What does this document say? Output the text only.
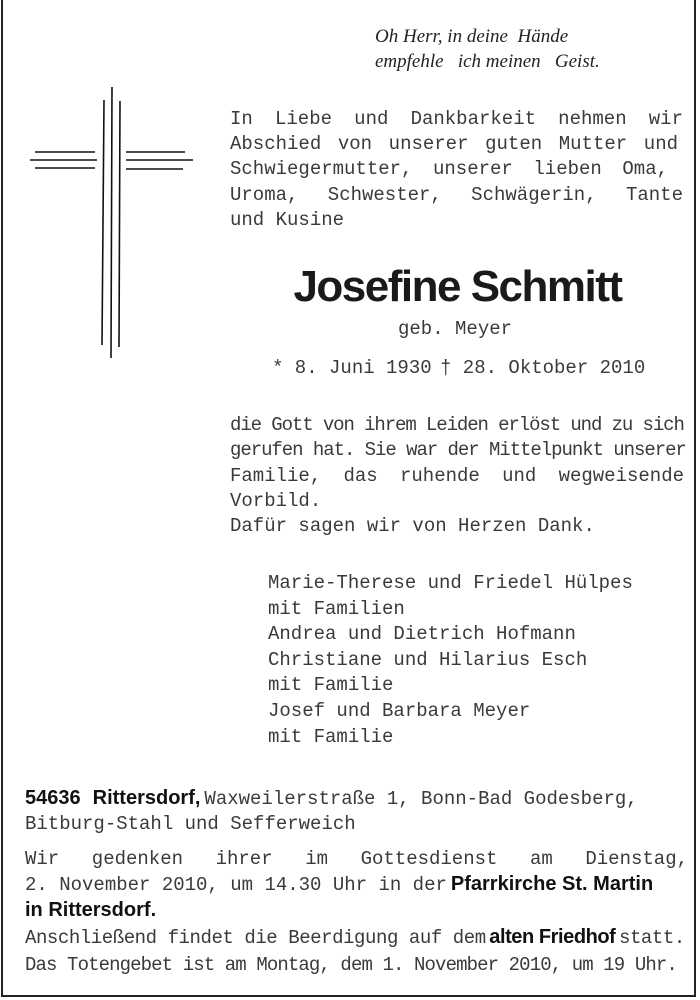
Oh Herr, in deine  Hände
empfehle   ich meinen   Geist.
In Liebe und Dankbarkeit nehmen wir
Abschied von unserer guten Mutter und
Schwiegermutter, unserer lieben Oma,
Uroma, Schwester, Schwägerin, Tante
und Kusine
Josefine Schmitt
geb. Meyer
* 8. Juni 1930 † 28. Oktober 2010
die Gott von ihrem Leiden erlöst und zu sich
gerufen hat. Sie war der Mittelpunkt unserer
Familie, das ruhende und wegweisende
Vorbild.
Dafür sagen wir von Herzen Dank.
Marie-Therese und Friedel Hülpes
mit Familien
Andrea und Dietrich Hofmann
Christiane und Hilarius Esch
mit Familie
Josef und Barbara Meyer
mit Familie
54636 Rittersdorf, Waxweilerstraße 1, Bonn-Bad Godesberg,
Bitburg-Stahl und Sefferweich
Wir gedenken ihrer im Gottesdienst am Dienstag,
2. November 2010, um 14.30 Uhr in der Pfarrkirche St. Martin
in Rittersdorf.
Anschließend findet die Beerdigung auf dem alten Friedhof statt.
Das Totengebet ist am Montag, dem 1. November 2010, um 19 Uhr.
